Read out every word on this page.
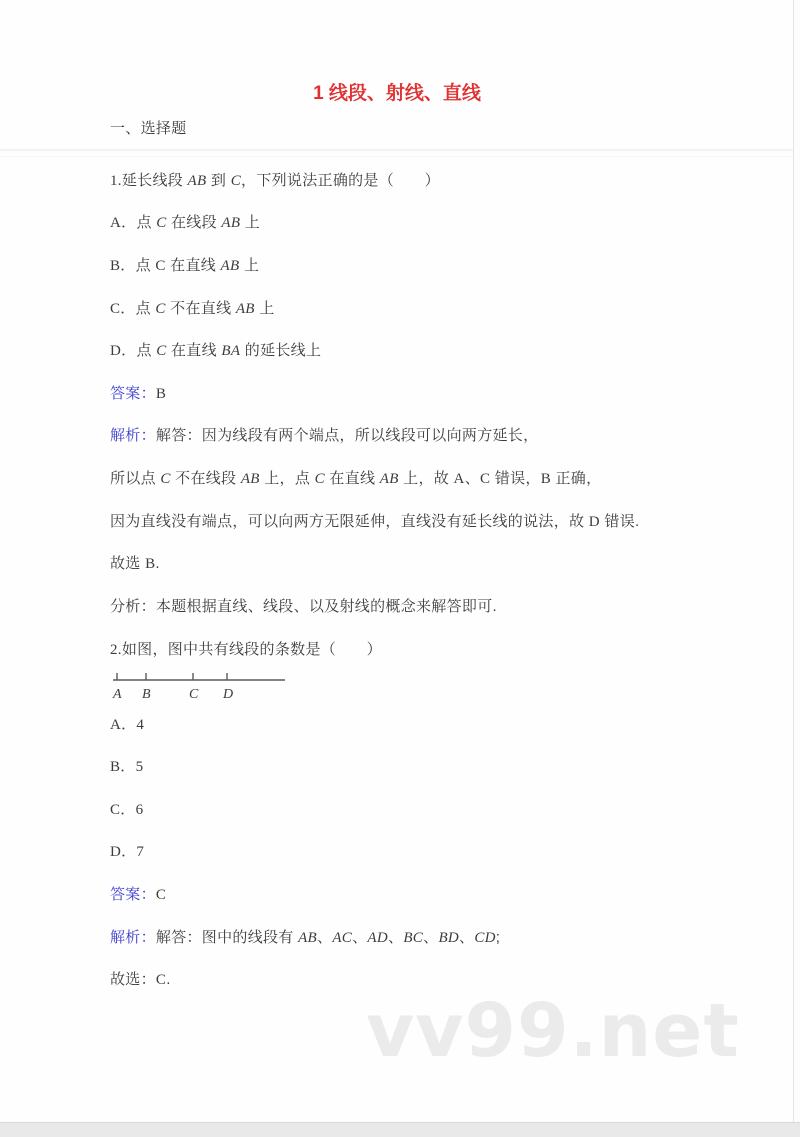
1 线段、射线、直线
一、选择题
1.延长线段 AB 到 C，下列说法正确的是（　　）
A．点 C 在线段 AB 上
B．点 C 在直线 AB 上
C．点 C 不在直线 AB 上
D．点 C 在直线 BA 的延长线上
答案：B
解析：解答：因为线段有两个端点，所以线段可以向两方延长，
所以点 C 不在线段 AB 上，点 C 在直线 AB 上，故 A、C 错误，B 正确，
因为直线没有端点，可以向两方无限延伸，直线没有延长线的说法，故 D 错误.
故选 B.
分析：本题根据直线、线段、以及射线的概念来解答即可.
2.如图，图中共有线段的条数是（　　）
A．4
B．5
C．6
D．7
答案：C
解析：解答：图中的线段有 AB、AC、AD、BC、BD、CD;
故选：C.
A B	C D
vv99.net
